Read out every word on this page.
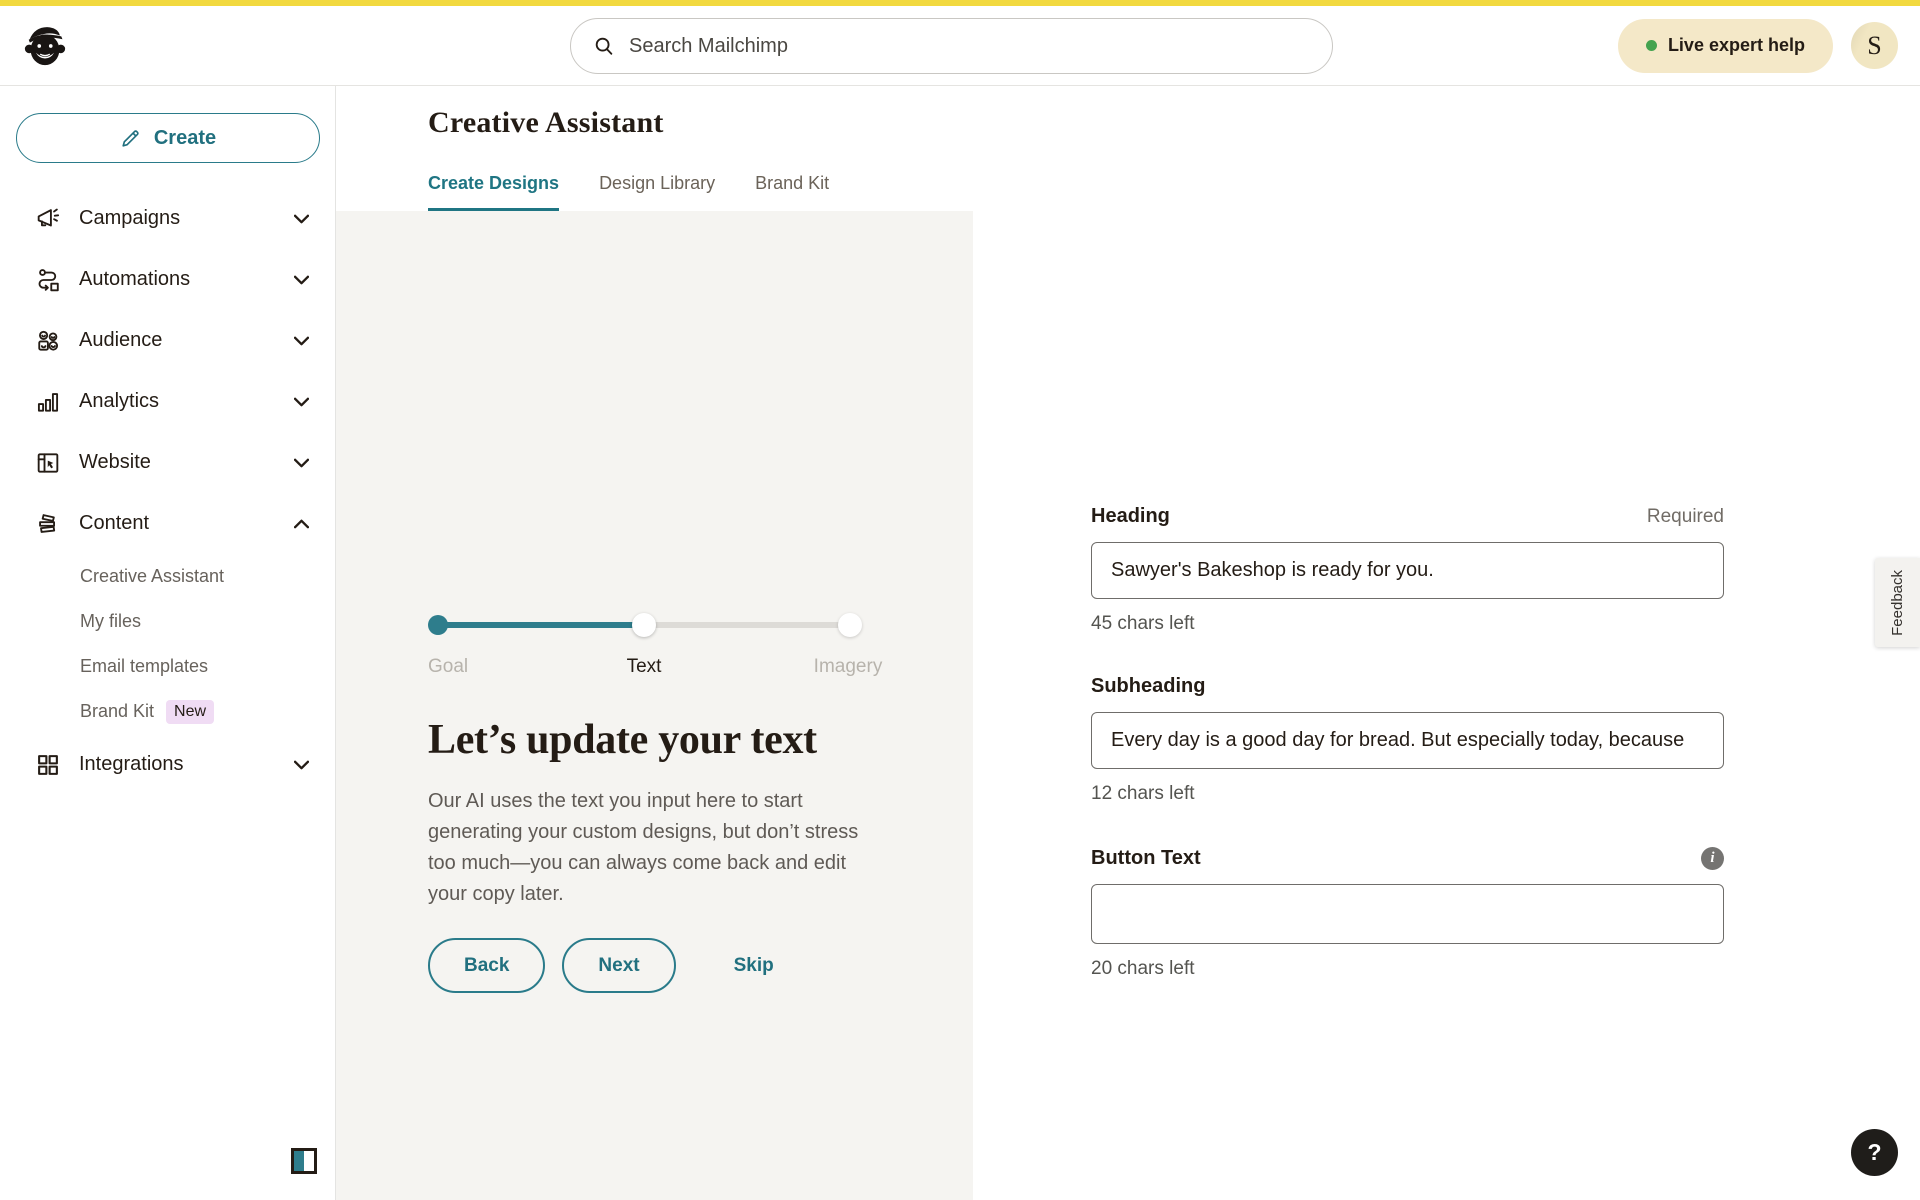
Search Mailchimp
Live expert help S
Create
Campaigns
Automations
Audience
Analytics
Website
Content
Creative Assistant
My files
Email templates
Brand Kit	New
Integrations
Creative Assistant
Create Designs Design Library Brand Kit
Goal	Text	Imagery
Let’s update your text

Our AI uses the text you input here to start generating your custom designs, but don’t stress too much—you can always come back and edit your copy later.

Back	Next	Skip
Heading	Required
Sawyer's Bakeshop is ready for you.
45 chars left
Subheading
Every day is a good day for bread. But especially today, because
12 chars left
Button Text	i
20 chars left
Feedback
?
